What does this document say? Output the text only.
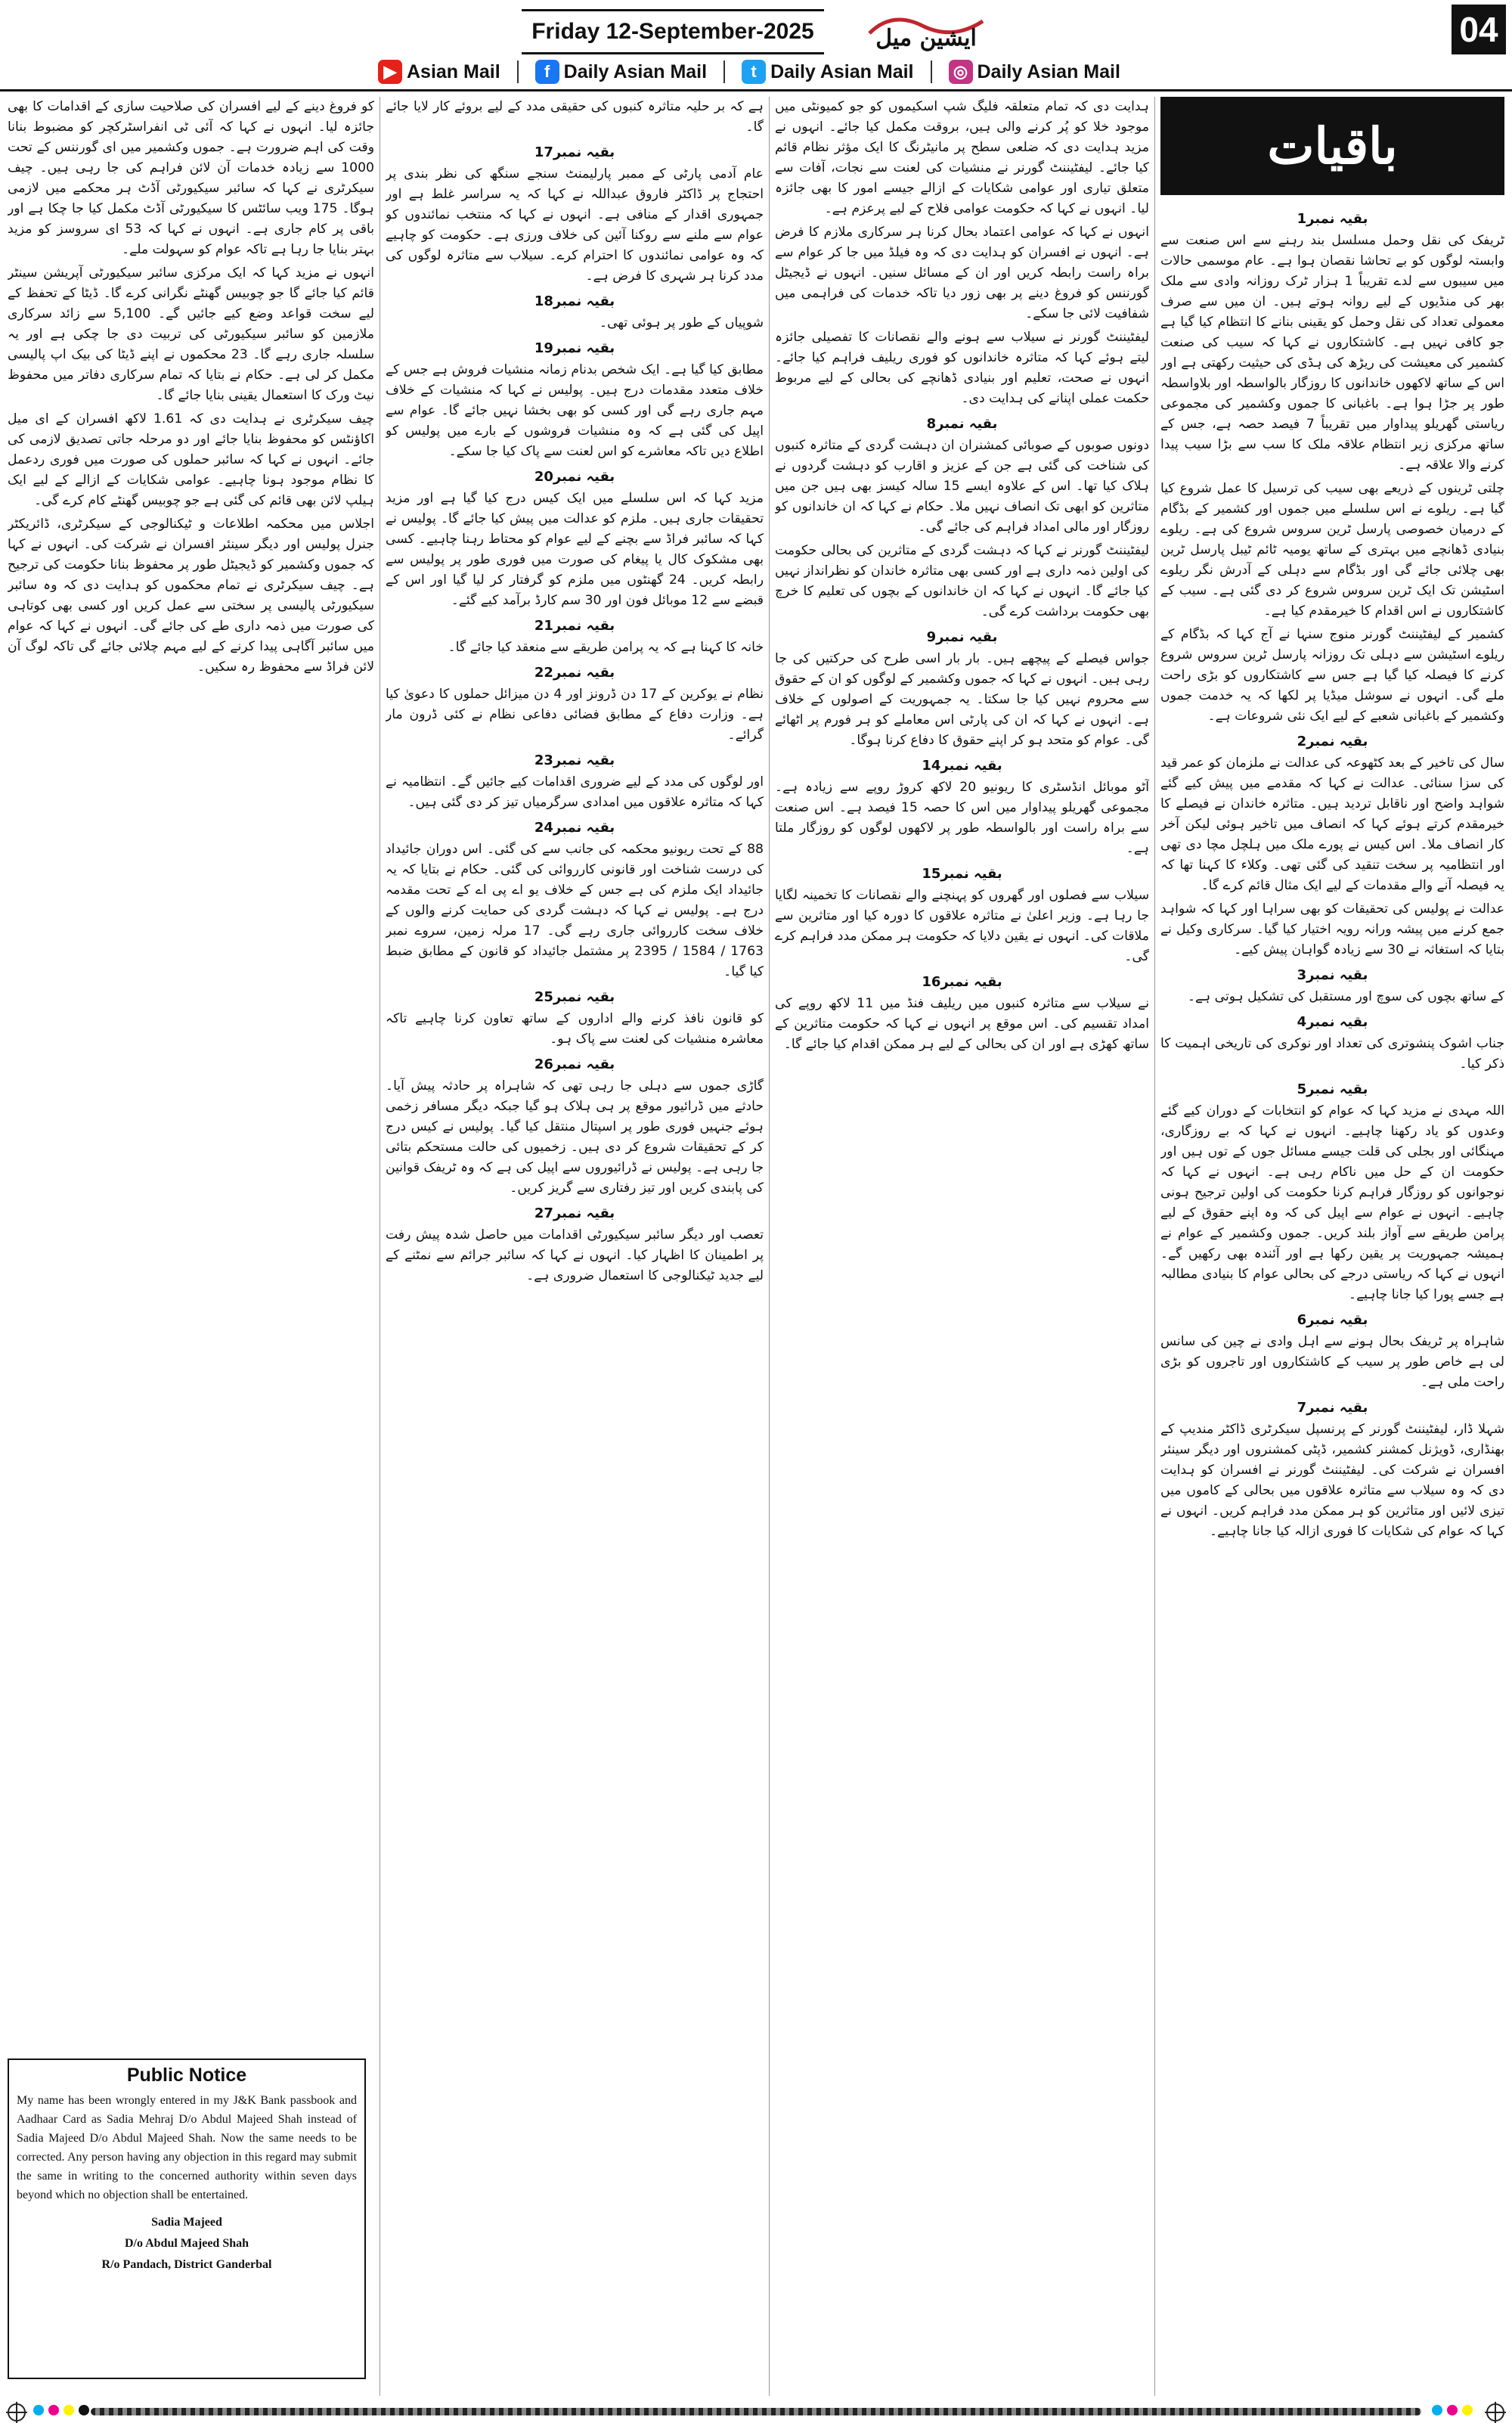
Friday 12-September-2025	ایشین میل	04
▶ Asian Mail	f Daily Asian Mail	t Daily Asian Mail ◎ Daily Asian Mail
باقیات
بقیہ نمبر1
ٹریفک کی نقل وحمل مسلسل بند رہنے سے اس صنعت سے وابستہ لوگوں کو بے تحاشا نقصان ہوا ہے۔ عام موسمی حالات میں سیبوں سے لدے تقریباً 1 ہزار ٹرک روزانہ وادی سے ملک بھر کی منڈیوں کے لیے روانہ ہوتے ہیں۔ ان میں سے صرف معمولی تعداد کی نقل وحمل کو یقینی بنانے کا انتظام کیا گیا ہے جو کافی نہیں ہے۔ کاشتکاروں نے کہا کہ سیب کی صنعت کشمیر کی معیشت کی ریڑھ کی ہڈی کی حیثیت رکھتی ہے اور اس کے ساتھ لاکھوں خاندانوں کا روزگار بالواسطہ اور بلاواسطہ طور پر جڑا ہوا ہے۔ باغبانی کا جموں وکشمیر کی مجموعی ریاستی گھریلو پیداوار میں تقریباً 7 فیصد حصہ ہے، جس کے ساتھ مرکزی زیر انتظام علاقہ ملک کا سب سے بڑا سیب پیدا کرنے والا علاقہ ہے۔
چلتی ٹرینوں کے ذریعے بھی سیب کی ترسیل کا عمل شروع کیا گیا ہے۔ ریلوے نے اس سلسلے میں جموں اور کشمیر کے بڈگام کے درمیان خصوصی پارسل ٹرین سروس شروع کی ہے۔ ریلوے بنیادی ڈھانچے میں بہتری کے ساتھ یومیہ ٹائم ٹیبل پارسل ٹرین بھی چلائی جائے گی اور بڈگام سے دہلی کے آدرش نگر ریلوے اسٹیشن تک ایک ٹرین سروس شروع کر دی گئی ہے۔ سیب کے کاشتکاروں نے اس اقدام کا خیرمقدم کیا ہے۔
کشمیر کے لیفٹیننٹ گورنر منوج سنہا نے آج کہا کہ بڈگام کے ریلوے اسٹیشن سے دہلی تک روزانہ پارسل ٹرین سروس شروع کرنے کا فیصلہ کیا گیا ہے جس سے کاشتکاروں کو بڑی راحت ملے گی۔ انہوں نے سوشل میڈیا پر لکھا کہ یہ خدمت جموں وکشمیر کے باغبانی شعبے کے لیے ایک نئی شروعات ہے۔
بقیہ نمبر2
سال کی تاخیر کے بعد کٹھوعہ کی عدالت نے ملزمان کو عمر قید کی سزا سنائی۔ عدالت نے کہا کہ مقدمے میں پیش کیے گئے شواہد واضح اور ناقابل تردید ہیں۔ متاثرہ خاندان نے فیصلے کا خیرمقدم کرتے ہوئے کہا کہ انصاف میں تاخیر ہوئی لیکن آخر کار انصاف ملا۔ اس کیس نے پورے ملک میں ہلچل مچا دی تھی اور انتظامیہ پر سخت تنقید کی گئی تھی۔ وکلاء کا کہنا تھا کہ یہ فیصلہ آنے والے مقدمات کے لیے ایک مثال قائم کرے گا۔
عدالت نے پولیس کی تحقیقات کو بھی سراہا اور کہا کہ شواہد جمع کرنے میں پیشہ ورانہ رویہ اختیار کیا گیا۔ سرکاری وکیل نے بتایا کہ استغاثہ نے 30 سے زیادہ گواہان پیش کیے۔
بقیہ نمبر3
کے ساتھ بچوں کی سوچ اور مستقبل کی تشکیل ہوتی ہے۔
بقیہ نمبر4
جناب اشوک پنشوتری کی تعداد اور نوکری کی تاریخی اہمیت کا ذکر کیا۔
بقیہ نمبر5
اللہ مہدی نے مزید کہا کہ عوام کو انتخابات کے دوران کیے گئے وعدوں کو یاد رکھنا چاہیے۔ انہوں نے کہا کہ بے روزگاری، مہنگائی اور بجلی کی قلت جیسے مسائل جوں کے توں ہیں اور حکومت ان کے حل میں ناکام رہی ہے۔ انہوں نے کہا کہ نوجوانوں کو روزگار فراہم کرنا حکومت کی اولین ترجیح ہونی چاہیے۔ انہوں نے عوام سے اپیل کی کہ وہ اپنے حقوق کے لیے پرامن طریقے سے آواز بلند کریں۔ جموں وکشمیر کے عوام نے ہمیشہ جمہوریت پر یقین رکھا ہے اور آئندہ بھی رکھیں گے۔ انہوں نے کہا کہ ریاستی درجے کی بحالی عوام کا بنیادی مطالبہ ہے جسے پورا کیا جانا چاہیے۔
بقیہ نمبر6
شاہراہ پر ٹریفک بحال ہونے سے اہل وادی نے چین کی سانس لی ہے خاص طور پر سیب کے کاشتکاروں اور تاجروں کو بڑی راحت ملی ہے۔
بقیہ نمبر7
شہلا ڈار، لیفٹیننٹ گورنر کے پرنسپل سیکرٹری ڈاکٹر مندیپ کے بھنڈاری، ڈویژنل کمشنر کشمیر، ڈپٹی کمشنروں اور دیگر سینئر افسران نے شرکت کی۔ لیفٹیننٹ گورنر نے افسران کو ہدایت دی کہ وہ سیلاب سے متاثرہ علاقوں میں بحالی کے کاموں میں تیزی لائیں اور متاثرین کو ہر ممکن مدد فراہم کریں۔ انہوں نے کہا کہ عوام کی شکایات کا فوری ازالہ کیا جانا چاہیے۔
ہدایت دی کہ تمام متعلقہ فلیگ شپ اسکیموں کو جو کمیونٹی میں موجود خلا کو پُر کرنے والی ہیں، بروقت مکمل کیا جائے۔ انہوں نے مزید ہدایت دی کہ ضلعی سطح پر مانیٹرنگ کا ایک مؤثر نظام قائم کیا جائے۔ لیفٹیننٹ گورنر نے منشیات کی لعنت سے نجات، آفات سے متعلق تیاری اور عوامی شکایات کے ازالے جیسے امور کا بھی جائزہ لیا۔ انہوں نے کہا کہ حکومت عوامی فلاح کے لیے پرعزم ہے۔
انہوں نے کہا کہ عوامی اعتماد بحال کرنا ہر سرکاری ملازم کا فرض ہے۔ انہوں نے افسران کو ہدایت دی کہ وہ فیلڈ میں جا کر عوام سے براہ راست رابطہ کریں اور ان کے مسائل سنیں۔ انہوں نے ڈیجیٹل گورننس کو فروغ دینے پر بھی زور دیا تاکہ خدمات کی فراہمی میں شفافیت لائی جا سکے۔
لیفٹیننٹ گورنر نے سیلاب سے ہونے والے نقصانات کا تفصیلی جائزہ لیتے ہوئے کہا کہ متاثرہ خاندانوں کو فوری ریلیف فراہم کیا جائے۔ انہوں نے صحت، تعلیم اور بنیادی ڈھانچے کی بحالی کے لیے مربوط حکمت عملی اپنانے کی ہدایت دی۔
بقیہ نمبر8
دونوں صوبوں کے صوبائی کمشنران ان دہشت گردی کے متاثرہ کنبوں کی شناخت کی گئی ہے جن کے عزیز و اقارب کو دہشت گردوں نے ہلاک کیا تھا۔ اس کے علاوہ ایسے 15 سالہ کیسز بھی ہیں جن میں متاثرین کو ابھی تک انصاف نہیں ملا۔ حکام نے کہا کہ ان خاندانوں کو روزگار اور مالی امداد فراہم کی جائے گی۔
لیفٹیننٹ گورنر نے کہا کہ دہشت گردی کے متاثرین کی بحالی حکومت کی اولین ذمہ داری ہے اور کسی بھی متاثرہ خاندان کو نظرانداز نہیں کیا جائے گا۔ انہوں نے کہا کہ ان خاندانوں کے بچوں کی تعلیم کا خرچ بھی حکومت برداشت کرے گی۔
بقیہ نمبر9
جواس فیصلے کے پیچھے ہیں۔ بار بار اسی طرح کی حرکتیں کی جا رہی ہیں۔ انہوں نے کہا کہ جموں وکشمیر کے لوگوں کو ان کے حقوق سے محروم نہیں کیا جا سکتا۔ یہ جمہوریت کے اصولوں کے خلاف ہے۔ انہوں نے کہا کہ ان کی پارٹی اس معاملے کو ہر فورم پر اٹھائے گی۔ عوام کو متحد ہو کر اپنے حقوق کا دفاع کرنا ہوگا۔
بقیہ نمبر14
آٹو موبائل انڈسٹری کا ریونیو 20 لاکھ کروڑ روپے سے زیادہ ہے۔ مجموعی گھریلو پیداوار میں اس کا حصہ 15 فیصد ہے۔ اس صنعت سے براہ راست اور بالواسطہ طور پر لاکھوں لوگوں کو روزگار ملتا ہے۔
بقیہ نمبر15
سیلاب سے فصلوں اور گھروں کو پہنچنے والے نقصانات کا تخمینہ لگایا جا رہا ہے۔ وزیر اعلیٰ نے متاثرہ علاقوں کا دورہ کیا اور متاثرین سے ملاقات کی۔ انہوں نے یقین دلایا کہ حکومت ہر ممکن مدد فراہم کرے گی۔
بقیہ نمبر16
نے سیلاب سے متاثرہ کنبوں میں ریلیف فنڈ میں 11 لاکھ روپے کی امداد تقسیم کی۔ اس موقع پر انہوں نے کہا کہ حکومت متاثرین کے ساتھ کھڑی ہے اور ان کی بحالی کے لیے ہر ممکن اقدام کیا جائے گا۔
ہے کہ بر حلیہ متاثرہ کنبوں کی حقیقی مدد کے لیے بروئے کار لایا جائے گا۔
بقیہ نمبر17
عام آدمی پارٹی کے ممبر پارلیمنٹ سنجے سنگھ کی نظر بندی پر احتجاج پر ڈاکٹر فاروق عبداللہ نے کہا کہ یہ سراسر غلط ہے اور جمہوری اقدار کے منافی ہے۔ انہوں نے کہا کہ منتخب نمائندوں کو عوام سے ملنے سے روکنا آئین کی خلاف ورزی ہے۔ حکومت کو چاہیے کہ وہ عوامی نمائندوں کا احترام کرے۔ سیلاب سے متاثرہ لوگوں کی مدد کرنا ہر شہری کا فرض ہے۔
بقیہ نمبر18
شوپیاں کے طور پر ہوئی تھی۔
بقیہ نمبر19
مطابق کیا گیا ہے۔ ایک شخص بدنام زمانہ منشیات فروش ہے جس کے خلاف متعدد مقدمات درج ہیں۔ پولیس نے کہا کہ منشیات کے خلاف مہم جاری رہے گی اور کسی کو بھی بخشا نہیں جائے گا۔ عوام سے اپیل کی گئی ہے کہ وہ منشیات فروشوں کے بارے میں پولیس کو اطلاع دیں تاکہ معاشرے کو اس لعنت سے پاک کیا جا سکے۔
بقیہ نمبر20
مزید کہا کہ اس سلسلے میں ایک کیس درج کیا گیا ہے اور مزید تحقیقات جاری ہیں۔ ملزم کو عدالت میں پیش کیا جائے گا۔ پولیس نے کہا کہ سائبر فراڈ سے بچنے کے لیے عوام کو محتاط رہنا چاہیے۔ کسی بھی مشکوک کال یا پیغام کی صورت میں فوری طور پر پولیس سے رابطہ کریں۔ 24 گھنٹوں میں ملزم کو گرفتار کر لیا گیا اور اس کے قبضے سے 12 موبائل فون اور 30 سم کارڈ برآمد کیے گئے۔
بقیہ نمبر21
خانہ کا کہنا ہے کہ یہ پرامن طریقے سے منعقد کیا جائے گا۔
بقیہ نمبر22
نظام نے یوکرین کے 17 دن ڈرونز اور 4 دن میزائل حملوں کا دعویٰ کیا ہے۔ وزارت دفاع کے مطابق فضائی دفاعی نظام نے کئی ڈرون مار گرائے۔
بقیہ نمبر23
اور لوگوں کی مدد کے لیے ضروری اقدامات کیے جائیں گے۔ انتظامیہ نے کہا کہ متاثرہ علاقوں میں امدادی سرگرمیاں تیز کر دی گئی ہیں۔
بقیہ نمبر24
88 کے تحت ریونیو محکمہ کی جانب سے کی گئی۔ اس دوران جائیداد کی درست شناخت اور قانونی کارروائی کی گئی۔ حکام نے بتایا کہ یہ جائیداد ایک ملزم کی ہے جس کے خلاف یو اے پی اے کے تحت مقدمہ درج ہے۔ پولیس نے کہا کہ دہشت گردی کی حمایت کرنے والوں کے خلاف سخت کارروائی جاری رہے گی۔ 17 مرلہ زمین، سروے نمبر 1763 / 1584 / 2395 پر مشتمل جائیداد کو قانون کے مطابق ضبط کیا گیا۔
بقیہ نمبر25
کو قانون نافذ کرنے والے اداروں کے ساتھ تعاون کرنا چاہیے تاکہ معاشرہ منشیات کی لعنت سے پاک ہو۔
بقیہ نمبر26
گاڑی جموں سے دہلی جا رہی تھی کہ شاہراہ پر حادثہ پیش آیا۔ حادثے میں ڈرائیور موقع پر ہی ہلاک ہو گیا جبکہ دیگر مسافر زخمی ہوئے جنہیں فوری طور پر اسپتال منتقل کیا گیا۔ پولیس نے کیس درج کر کے تحقیقات شروع کر دی ہیں۔ زخمیوں کی حالت مستحکم بتائی جا رہی ہے۔ پولیس نے ڈرائیوروں سے اپیل کی ہے کہ وہ ٹریفک قوانین کی پابندی کریں اور تیز رفتاری سے گریز کریں۔
بقیہ نمبر27
تعصب اور دیگر سائبر سیکیورٹی اقدامات میں حاصل شدہ پیش رفت پر اطمینان کا اظہار کیا۔ انہوں نے کہا کہ سائبر جرائم سے نمٹنے کے لیے جدید ٹیکنالوجی کا استعمال ضروری ہے۔
کو فروغ دینے کے لیے افسران کی صلاحیت سازی کے اقدامات کا بھی جائزہ لیا۔ انہوں نے کہا کہ آئی ٹی انفراسٹرکچر کو مضبوط بنانا وقت کی اہم ضرورت ہے۔ جموں وکشمیر میں ای گورننس کے تحت 1000 سے زیادہ خدمات آن لائن فراہم کی جا رہی ہیں۔ چیف سیکرٹری نے کہا کہ سائبر سیکیورٹی آڈٹ ہر محکمے میں لازمی ہوگا۔ 175 ویب سائٹس کا سیکیورٹی آڈٹ مکمل کیا جا چکا ہے اور باقی پر کام جاری ہے۔ انہوں نے کہا کہ 53 ای سروسز کو مزید بہتر بنایا جا رہا ہے تاکہ عوام کو سہولت ملے۔
انہوں نے مزید کہا کہ ایک مرکزی سائبر سیکیورٹی آپریشن سینٹر قائم کیا جائے گا جو چوبیس گھنٹے نگرانی کرے گا۔ ڈیٹا کے تحفظ کے لیے سخت قواعد وضع کیے جائیں گے۔ 5,100 سے زائد سرکاری ملازمین کو سائبر سیکیورٹی کی تربیت دی جا چکی ہے اور یہ سلسلہ جاری رہے گا۔ 23 محکموں نے اپنے ڈیٹا کی بیک اپ پالیسی مکمل کر لی ہے۔ حکام نے بتایا کہ تمام سرکاری دفاتر میں محفوظ نیٹ ورک کا استعمال یقینی بنایا جائے گا۔
چیف سیکرٹری نے ہدایت دی کہ 1.61 لاکھ افسران کے ای میل اکاؤنٹس کو محفوظ بنایا جائے اور دو مرحلہ جاتی تصدیق لازمی کی جائے۔ انہوں نے کہا کہ سائبر حملوں کی صورت میں فوری ردعمل کا نظام موجود ہونا چاہیے۔ عوامی شکایات کے ازالے کے لیے ایک ہیلپ لائن بھی قائم کی گئی ہے جو چوبیس گھنٹے کام کرے گی۔
اجلاس میں محکمہ اطلاعات و ٹیکنالوجی کے سیکرٹری، ڈائریکٹر جنرل پولیس اور دیگر سینئر افسران نے شرکت کی۔ انہوں نے کہا کہ جموں وکشمیر کو ڈیجیٹل طور پر محفوظ بنانا حکومت کی ترجیح ہے۔ چیف سیکرٹری نے تمام محکموں کو ہدایت دی کہ وہ سائبر سیکیورٹی پالیسی پر سختی سے عمل کریں اور کسی بھی کوتاہی کی صورت میں ذمہ داری طے کی جائے گی۔ انہوں نے کہا کہ عوام میں سائبر آگاہی پیدا کرنے کے لیے مہم چلائی جائے گی تاکہ لوگ آن لائن فراڈ سے محفوظ رہ سکیں۔
Public Notice
My name has been wrongly entered in my J&K Bank passbook and Aadhaar Card as Sadia Mehraj D/o Abdul Majeed Shah instead of Sadia Majeed D/o Abdul Majeed Shah. Now the same needs to be corrected. Any person having any objection in this regard may submit the same in writing to the concerned authority within seven days beyond which no objection shall be entertained.
Sadia Majeed
D/o Abdul Majeed Shah
R/o Pandach, District Ganderbal
